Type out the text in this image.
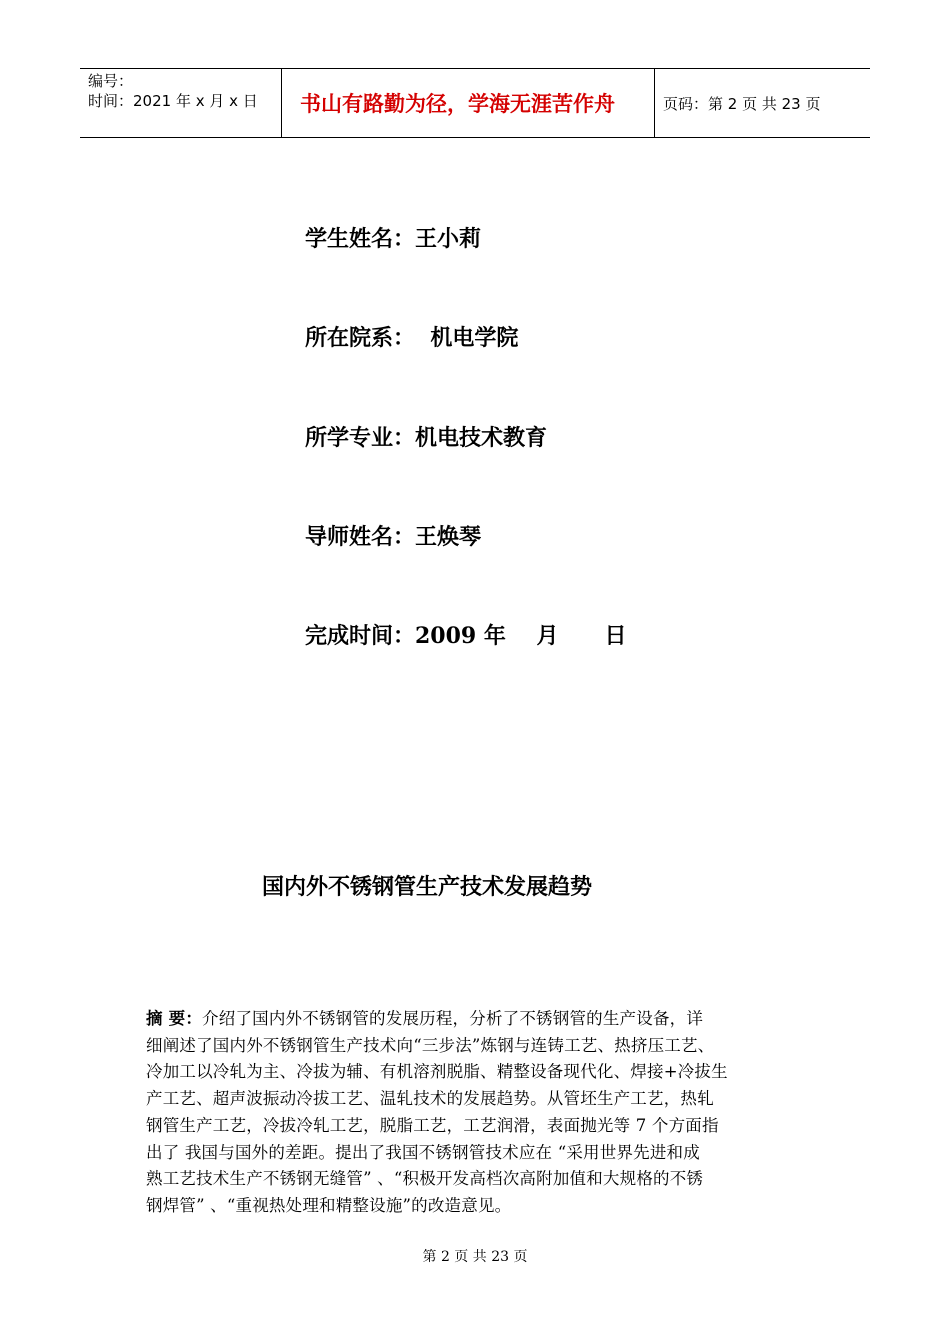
编号：
时间：2021 年 x 月 x 日	书山有路勤为径，学海无涯苦作舟	页码：第 2 页 共 23 页
学生姓名：王小莉
所在院系：  机电学院
所学专业：机电技术教育
导师姓名：王焕琴
完成时间：2009 年    月      日
国内外不锈钢管生产技术发展趋势
摘 要：介绍了国内外不锈钢管的发展历程，分析了不锈钢管的生产设备，详
细阐述了国内外不锈钢管生产技术向“三步法”炼钢与连铸工艺、热挤压工艺、
冷加工以冷轧为主、冷拔为辅、有机溶剂脱脂、精整设备现代化、焊接+冷拔生
产工艺、超声波振动冷拔工艺、温轧技术的发展趋势。从管坯生产工艺，热轧
钢管生产工艺，冷拔冷轧工艺，脱脂工艺，工艺润滑，表面抛光等 7 个方面指
出了 我国与国外的差距。提出了我国不锈钢管技术应在 “采用世界先进和成
熟工艺技术生产不锈钢无缝管” 、“积极开发高档次高附加值和大规格的不锈
钢焊管” 、“重视热处理和精整设施”的改造意见。
第 2 页 共 23 页
